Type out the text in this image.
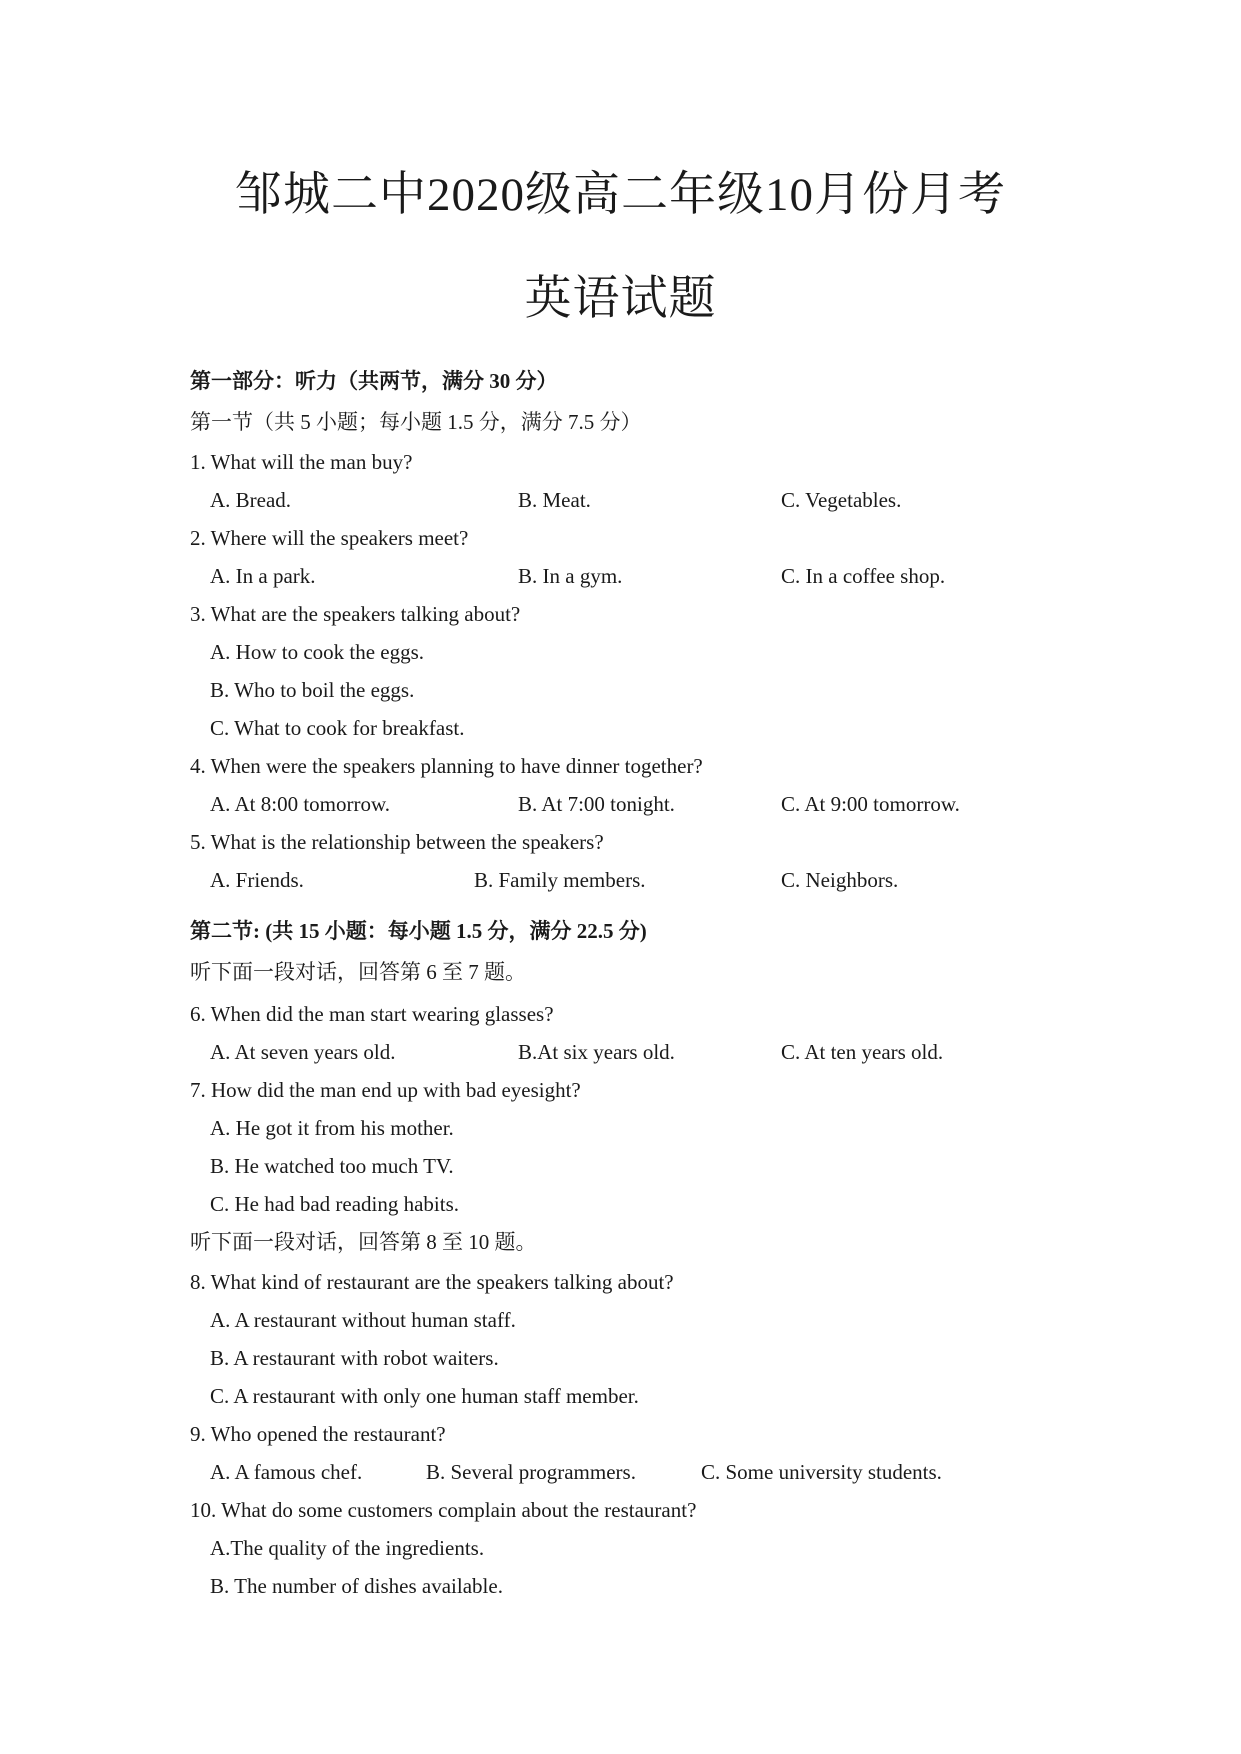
邹城二中2020级高二年级10月份月考
英语试题
第一部分：听力（共两节，满分 30 分）
第一节（共 5 小题；每小题 1.5 分，满分 7.5 分）
1. What will the man buy?
A. Bread.	B. Meat.	C. Vegetables.
2. Where will the speakers meet?
A. In a park.	B. In a gym.	C. In a coffee shop.
3. What are the speakers talking about?
A. How to cook the eggs.
B. Who to boil the eggs.
C. What to cook for breakfast.
4. When were the speakers planning to have dinner together?
A. At 8:00 tomorrow.	B. At 7:00 tonight.	C. At 9:00 tomorrow.
5. What is the relationship between the speakers?
A. Friends.	B. Family members.	C. Neighbors.
第二节: (共 15 小题：每小题 1.5 分，满分 22.5 分)
听下面一段对话，回答第 6 至 7 题。
6. When did the man start wearing glasses?
A. At seven years old.	B.At six years old.	C. At ten years old.
7. How did the man end up with bad eyesight?
A. He got it from his mother.
B. He watched too much TV.
C. He had bad reading habits.
听下面一段对话，回答第 8 至 10 题。
8. What kind of restaurant are the speakers talking about?
A. A restaurant without human staff.
B. A restaurant with robot waiters.
C. A restaurant with only one human staff member.
9. Who opened the restaurant?
A. A famous chef.	B. Several programmers.	C. Some university students.
10. What do some customers complain about the restaurant?
A.The quality of the ingredients.
B. The number of dishes available.
